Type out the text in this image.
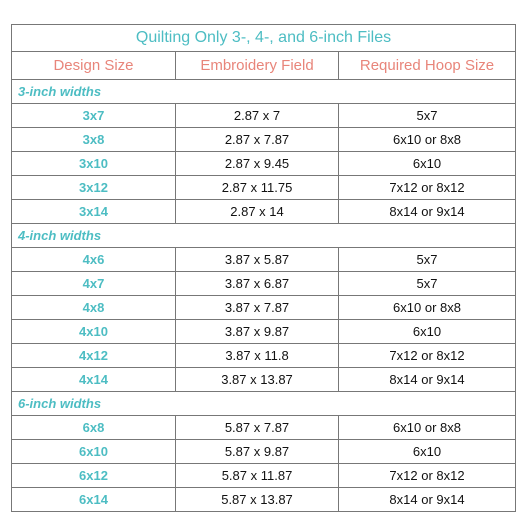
Quilting Only 3-, 4-, and 6-inch Files		
Design Size	Embroidery Field	Required Hoop Size
3-inch widths		
3x7	2.87 x 7	5x7
3x8	2.87 x 7.87	6x10 or 8x8
3x10	2.87 x 9.45	6x10
3x12	2.87 x 11.75	7x12 or 8x12
3x14	2.87 x 14	8x14 or 9x14
4-inch widths		
4x6	3.87 x 5.87	5x7
4x7	3.87 x 6.87	5x7
4x8	3.87 x 7.87	6x10 or 8x8
4x10	3.87 x 9.87	6x10
4x12	3.87 x 11.8	7x12 or 8x12
4x14	3.87 x 13.87	8x14 or 9x14
6-inch widths		
6x8	5.87 x 7.87	6x10 or 8x8
6x10	5.87 x 9.87	6x10
6x12	5.87 x 11.87	7x12 or 8x12
6x14	5.87 x 13.87	8x14 or 9x14
